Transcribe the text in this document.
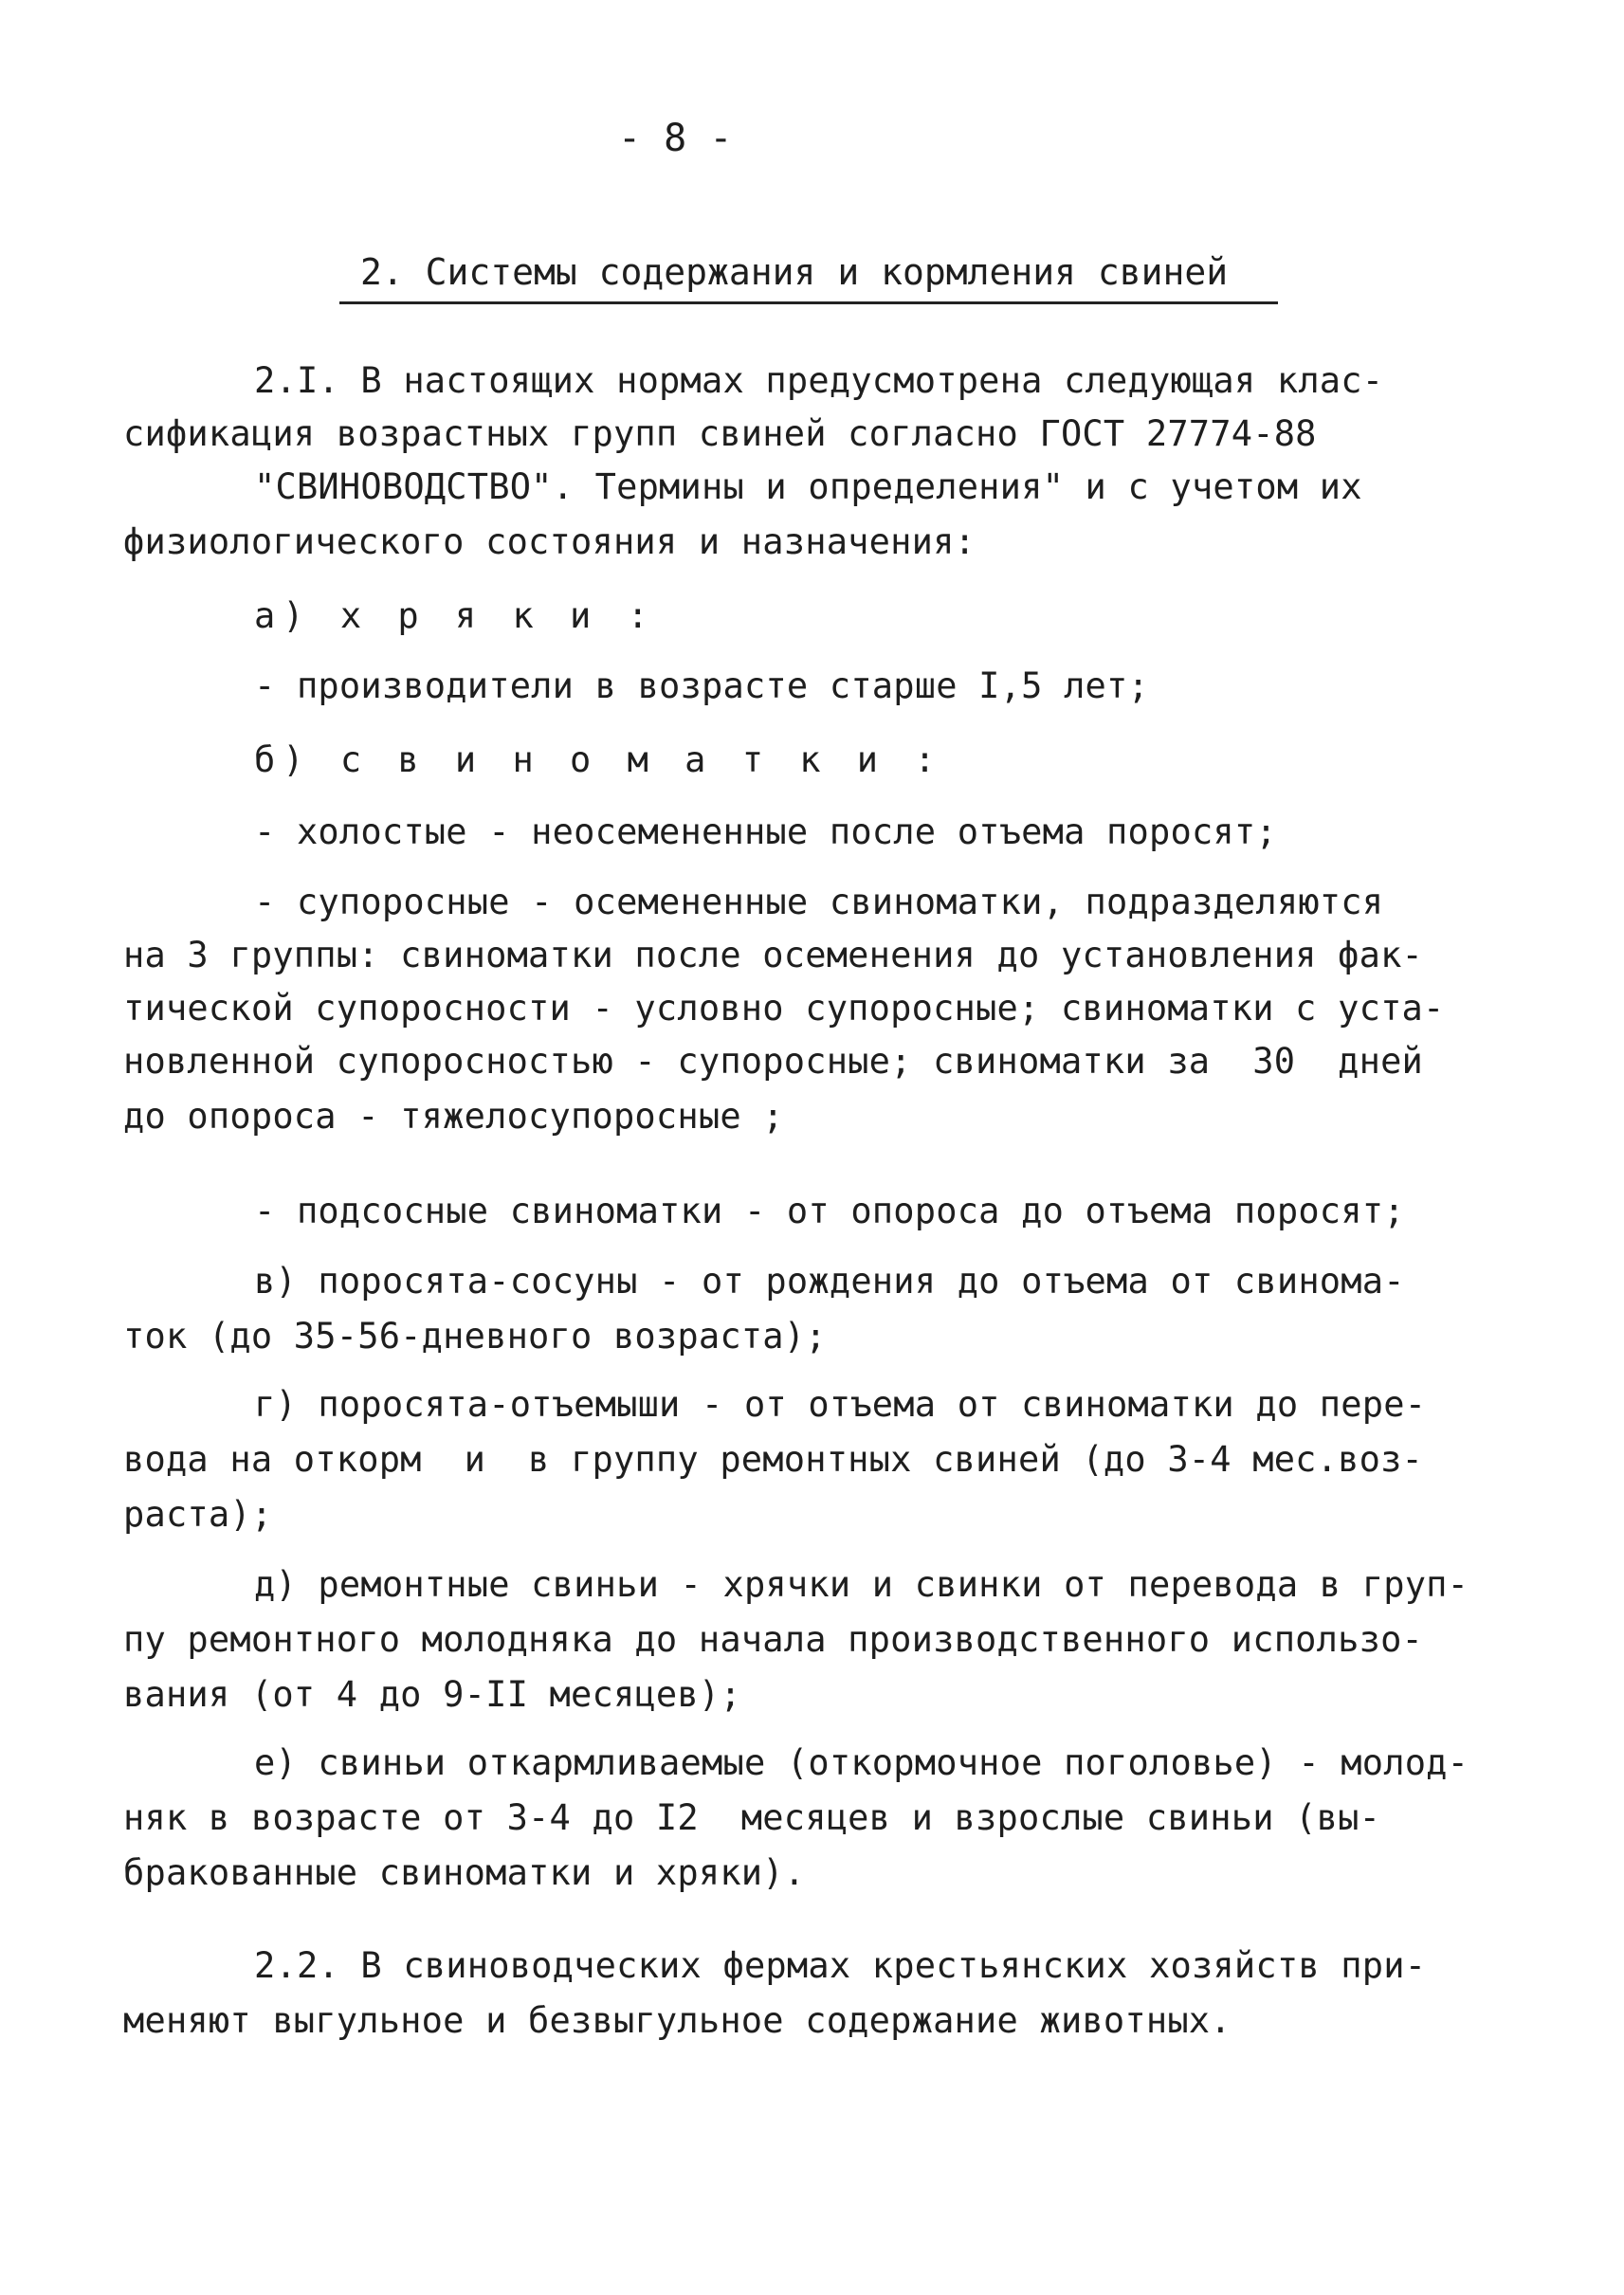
- 8 -
2. Системы содержания и кормления свиней
2.I. В настоящих нормах предусмотрена следующая клас-
сификация возрастных групп свиней согласно ГОСТ 27774-88
"СВИНОВОДСТВО". Термины и определения" и с учетом их
физиологического состояния и назначения:
а) х р я к и :
- производители в возрасте старше I,5 лет;
б) с в и н о м а т к и :
- холостые - неосемененные после отъема поросят;
- супоросные - осемененные свиноматки, подразделяются
на 3 группы: свиноматки после осеменения до установления фак-
тической супоросности - условно супоросные; свиноматки с уста-
новленной супоросностью - супоросные; свиноматки за  30  дней
до опороса - тяжелосупоросные ;
- подсосные свиноматки - от опороса до отъема поросят;
в) поросята-сосуны - от рождения до отъема от свинома-
ток (до 35-56-дневного возраста);
г) поросята-отъемыши - от отъема от свиноматки до пере-
вода на откорм  и  в группу ремонтных свиней (до 3-4 мес.воз-
раста);
д) ремонтные свиньи - хрячки и свинки от перевода в груп-
пу ремонтного молодняка до начала производственного использо-
вания (от 4 до 9-II месяцев);
е) свиньи откармливаемые (откормочное поголовье) - молод-
няк в возрасте от 3-4 до I2  месяцев и взрослые свиньи (вы-
бракованные свиноматки и хряки).
2.2. В свиноводческих фермах крестьянских хозяйств при-
меняют выгульное и безвыгульное содержание животных.
